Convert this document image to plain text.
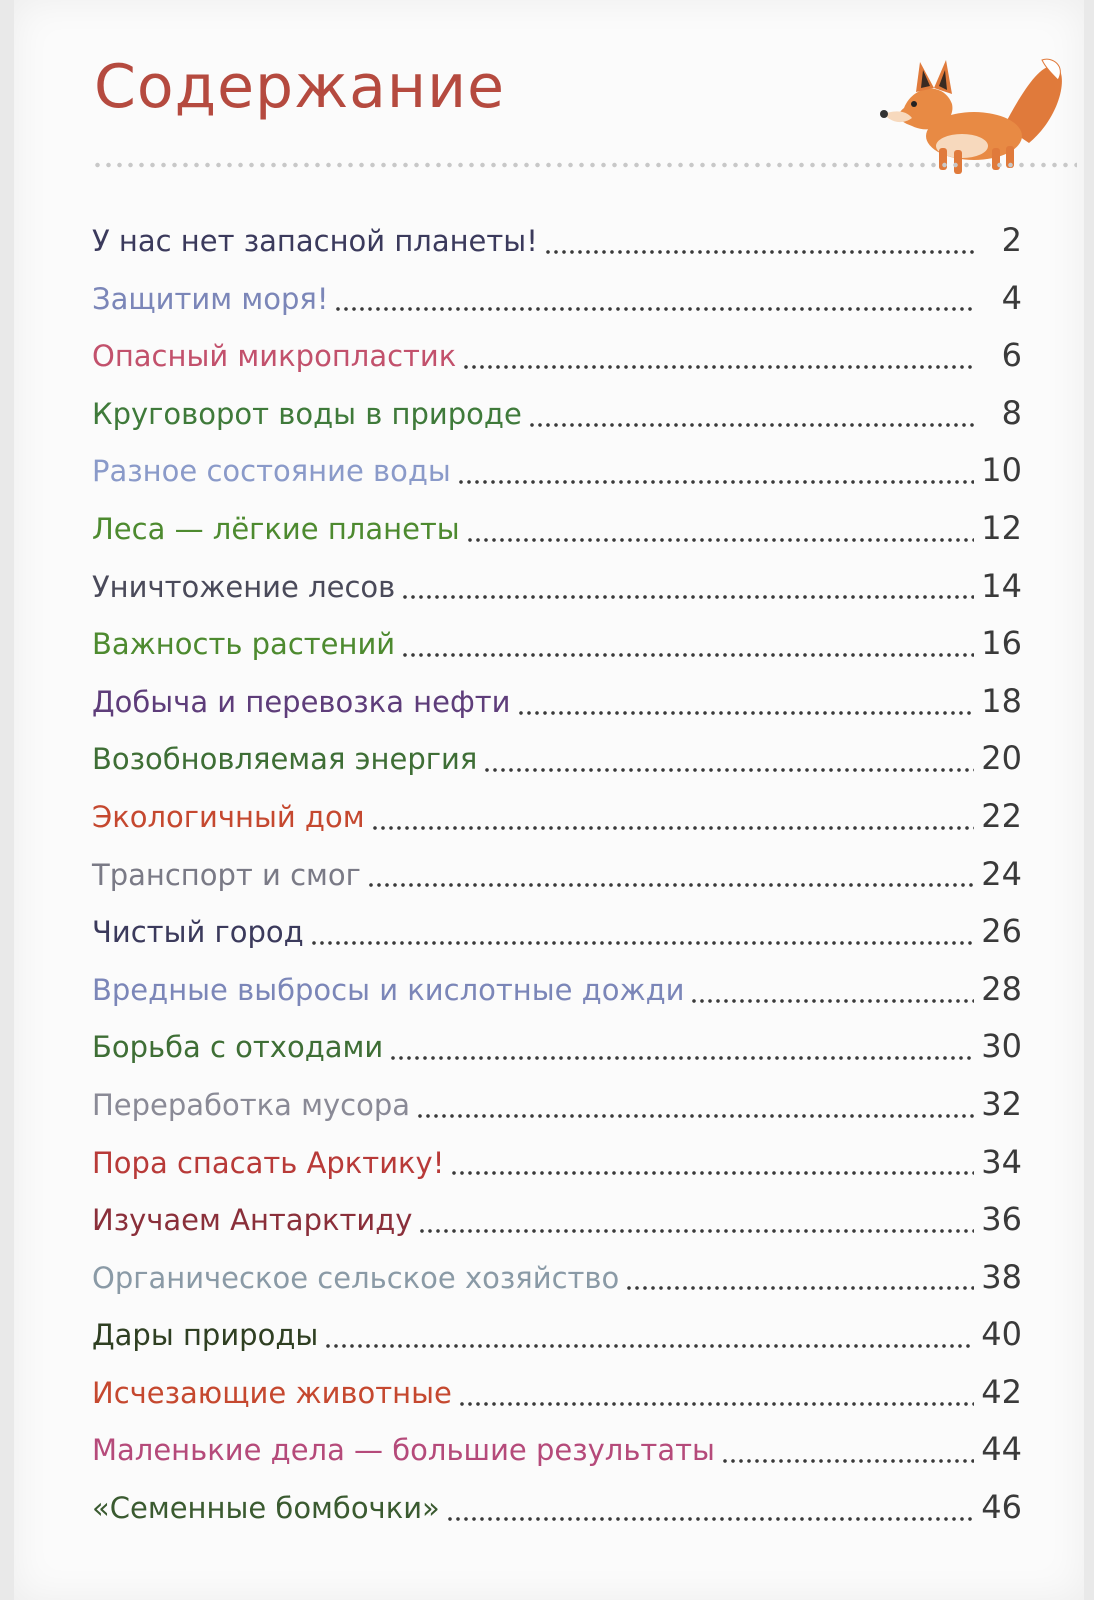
Содержание
У нас нет запасной планеты!	2
Защитим моря!	4
Опасный микропластик	6
Круговорот воды в природе	8
Разное состояние воды	10
Леса — лёгкие планеты	12
Уничтожение лесов	14
Важность растений	16
Добыча и перевозка нефти	18
Возобновляемая энергия	20
Экологичный дом	22
Транспорт и смог	24
Чистый город	26
Вредные выбросы и кислотные дожди	28
Борьба с отходами	30
Переработка мусора	32
Пора спасать Арктику!	34
Изучаем Антарктиду	36
Органическое сельское хозяйство	38
Дары природы	40
Исчезающие животные	42
Маленькие дела — большие результаты	44
«Семенные бомбочки»	46
